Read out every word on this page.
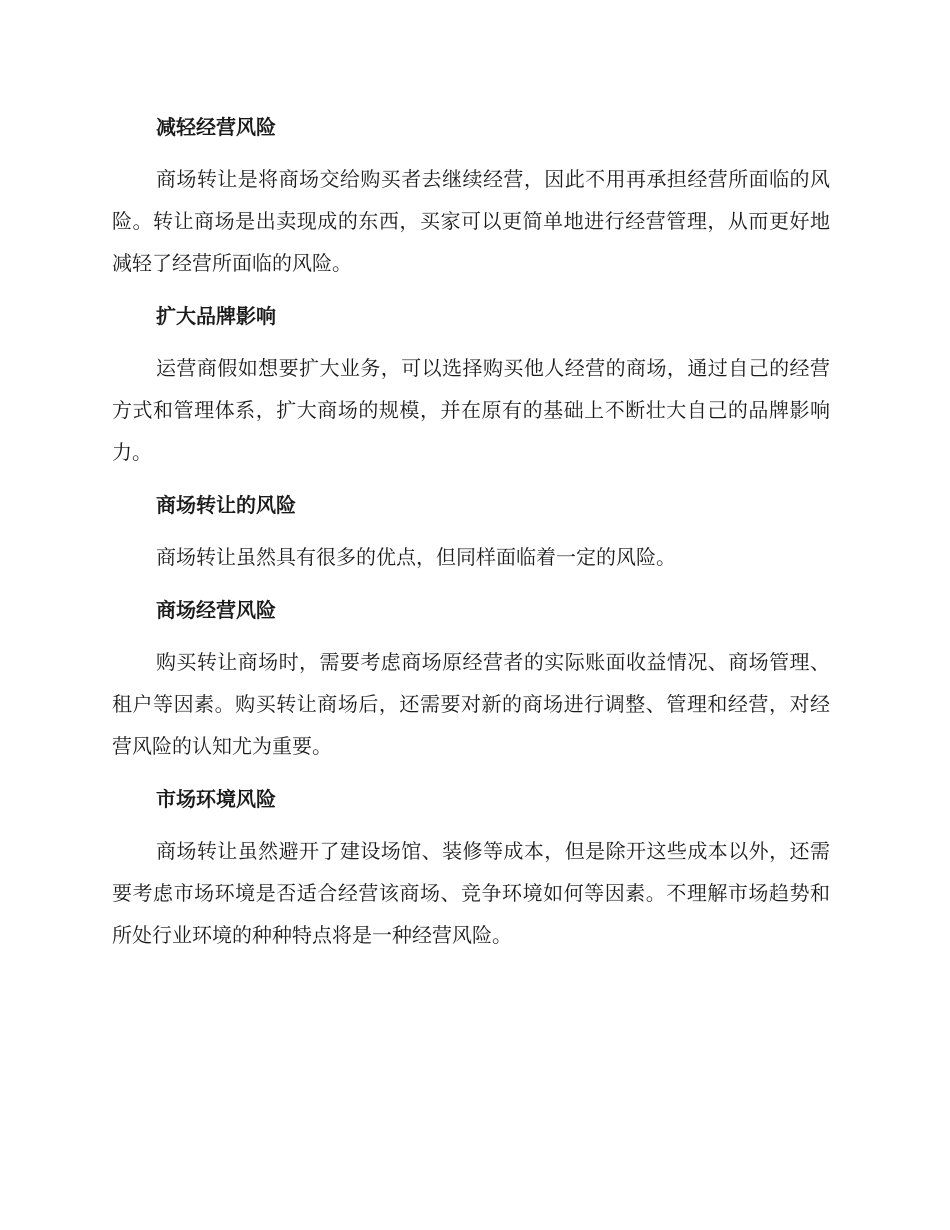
减轻经营风险

商场转让是将商场交给购买者去继续经营，因此不用再承担经营所面临的风险。转让商场是出卖现成的东西，买家可以更简单地进行经营管理，从而更好地减轻了经营所面临的风险。

扩大品牌影响

运营商假如想要扩大业务，可以选择购买他人经营的商场，通过自己的经营方式和管理体系，扩大商场的规模，并在原有的基础上不断壮大自己的品牌影响力。

商场转让的风险

商场转让虽然具有很多的优点，但同样面临着一定的风险。

商场经营风险

购买转让商场时，需要考虑商场原经营者的实际账面收益情况、商场管理、租户等因素。购买转让商场后，还需要对新的商场进行调整、管理和经营，对经营风险的认知尤为重要。

市场环境风险

商场转让虽然避开了建设场馆、装修等成本，但是除开这些成本以外，还需要考虑市场环境是否适合经营该商场、竞争环境如何等因素。不理解市场趋势和所处行业环境的种种特点将是一种经营风险。
